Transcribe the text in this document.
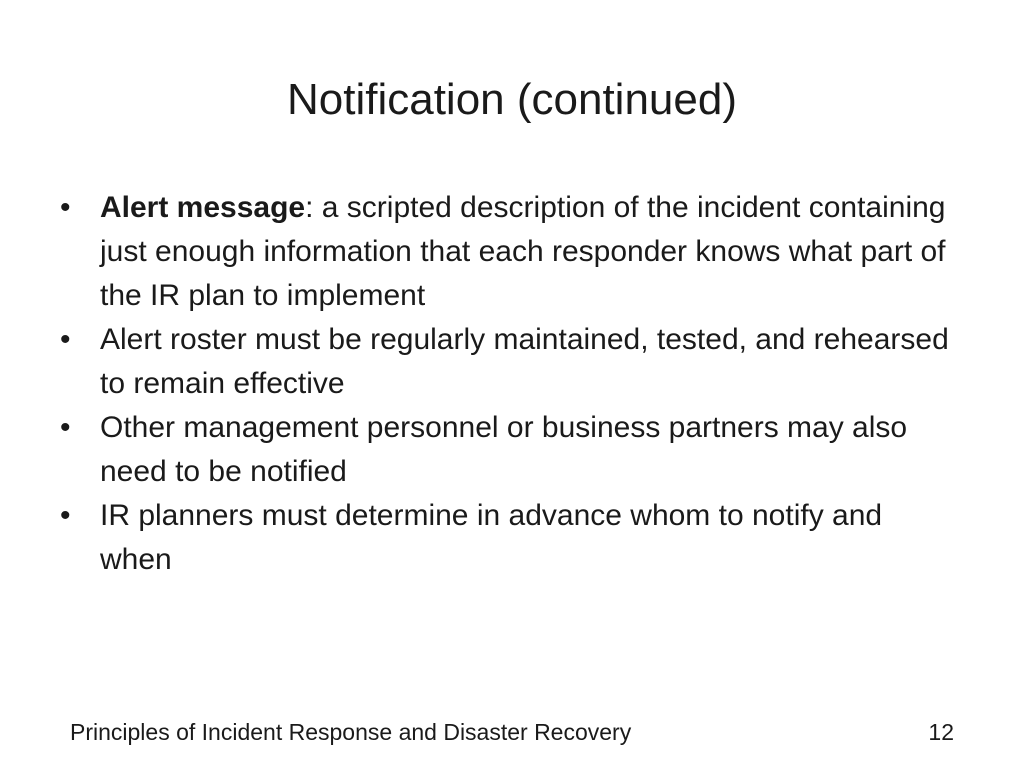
Notification (continued)
• Alert message: a scripted description of the incident containing just enough information that each responder knows what part of the IR plan to implement
• Alert roster must be regularly maintained, tested, and rehearsed to remain effective
• Other management personnel or business partners may also need to be notified
• IR planners must determine in advance whom to notify and when
Principles of Incident Response and Disaster Recovery	12
